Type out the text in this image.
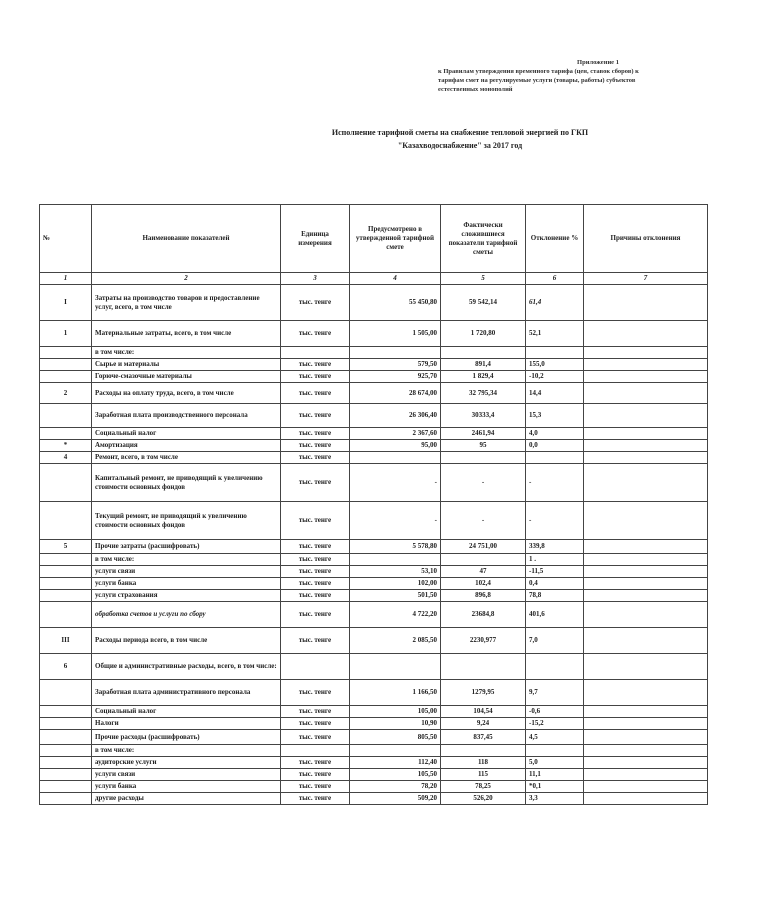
Приложение 1
к Правилам утверждения временного тарифа (цен, ставок сборов) к
тарифам смет на регулируемые услуги (товары, работы) субъектов
естественных монополий
Исполнение тарифной сметы на снабжение тепловой энергией по ГКП
"Казахводоснабжение" за 2017 год
№	Наименование показателей	Единица измерения	Предусмотрено в утвержденной тарифной смете	Фактически сложившиеся показатели тарифной сметы	Отклонение %	Причины отклонения
1	2	3	4	5	6	7
I	Затраты на производство товаров и предоставление услуг, всего, в том числе	тыс. тенге	55 450,80	59 542,14	61,4	
1	Материальные затраты, всего, в том числе	тыс. тенге	1 505,00	1 720,80	52,1	
	в том числе:					
	Сырье и материалы	тыс. тенге	579,50	891,4	155,0	
	Горюче-смазочные материалы	тыс. тенге	925,70	1 829,4	-10,2	
2	Расходы на оплату труда, всего, в том числе	тыс. тенге	28 674,00	32 795,34	14,4	
	Заработная плата производственного персонала	тыс. тенге	26 306,40	30333,4	15,3	
	Социальный налог	тыс. тенге	2 367,60	2461,94	4,0	
*	Амортизация	тыс. тенге	95,00	95	0,0	
4	Ремонт, всего, в том числе	тыс. тенге				
	Капитальный ремонт, не приводящий к увеличению стоимости основных фондов	тыс. тенге	-	-	-	
	Текущий ремонт, не приводящий к увеличению стоимости основных фондов	тыс. тенге	-	-	-	
5	Прочие затраты (расшифровать)	тыс. тенге	5 578,80	24 751,00	339,8	
	в том числе:	тыс. тенге			1 .	
	услуги связи	тыс. тенге	53,10	47	-11,5	
	услуги банка	тыс. тенге	102,00	102,4	0,4	
	услуги страхования	тыс. тенге	501,50	896,8	78,8	
	обработка счетов и услуги по сбору	тыс. тенге	4 722,20	23684,8	401,6	
III	Расходы периода всего, в том числе	тыс. тенге	2 085,50	2230,977	7,0	
6	Общие и административные расходы, всего, в том числе:					
	Заработная плата административного персонала	тыс. тенге	1 166,50	1279,95	9,7	
	Социальный налог	тыс. тенге	105,00	104,54	-0,6	
	Налоги	тыс. тенге	10,90	9,24	-15,2	
	Прочие расходы (расшифровать)	тыс. тенге	805,50	837,45	4,5	
	в том числе:					
	аудиторские услуги	тыс. тенге	112,40	118	5,0	
	услуги связи	тыс. тенге	105,50	115	11,1	
	услуги банка	тыс. тенге	78,20	78,25	*0,1	
	другие расходы	тыс. тенге	509,20	526,20	3,3	
